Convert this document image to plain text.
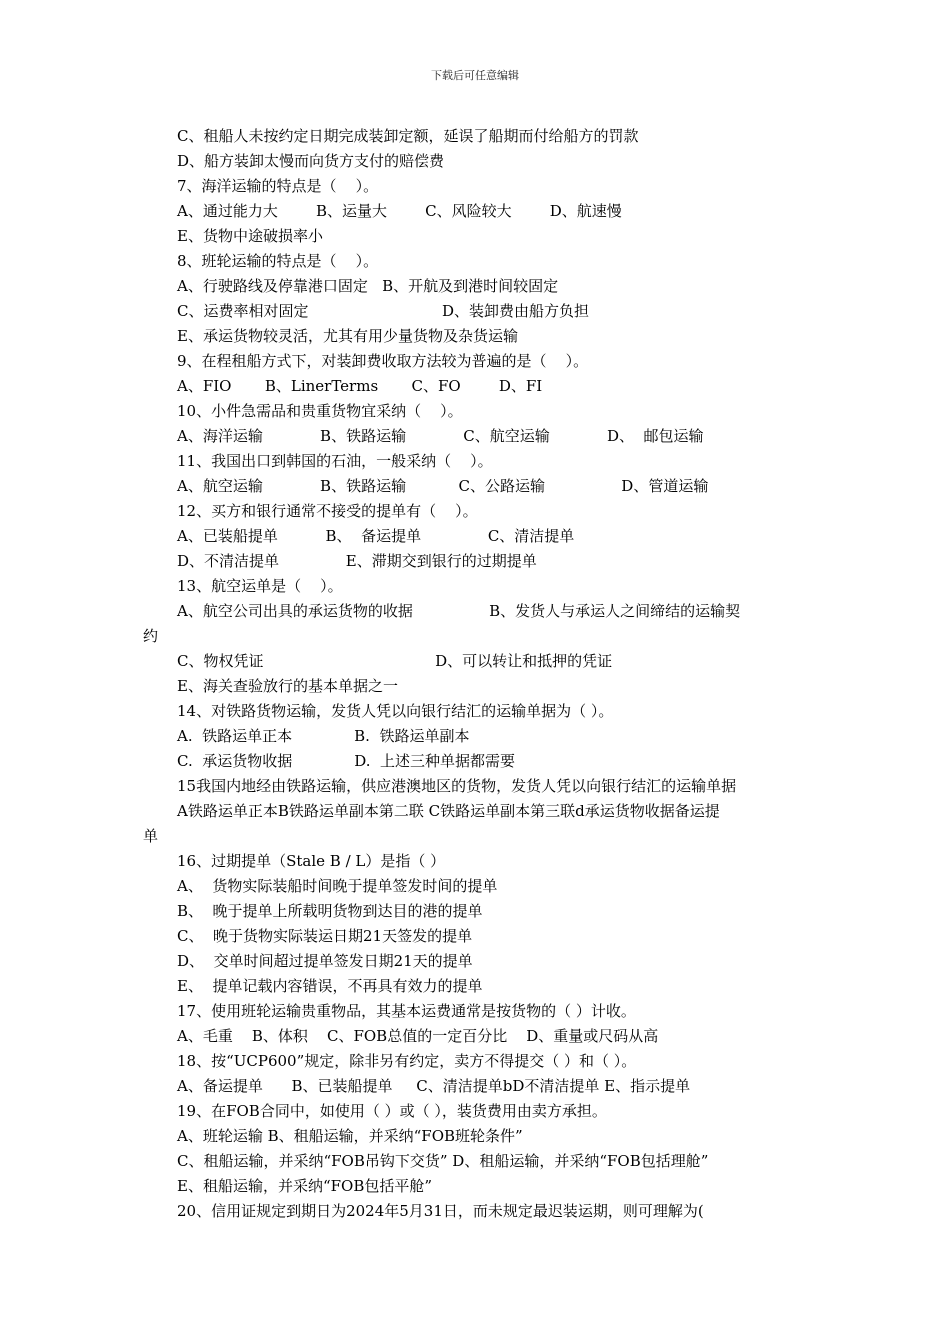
下载后可任意编辑
C、租船人未按约定日期完成装卸定额，延误了船期而付给船方的罚款
D、船方装卸太慢而向货方支付的赔偿费
7、海洋运输的特点是（    ）。
A、通过能力大        B、运量大        C、风险较大        D、航速慢
E、货物中途破损率小
8、班轮运输的特点是（    ）。
A、行驶路线及停靠港口固定   B、开航及到港时间较固定
C、运费率相对固定                            D、装卸费由船方负担
E、承运货物较灵活，尤其有用少量货物及杂货运输
9、在程租船方式下，对装卸费收取方法较为普遍的是（    ）。
A、FIO       B、LinerTerms       C、FO        D、FI
10、小件急需品和贵重货物宜采纳（    ）。
A、海洋运输            B、铁路运输            C、航空运输            D、  邮包运输
11、我国出口到韩国的石油，一般采纳（    ）。
A、航空运输            B、铁路运输           C、公路运输                D、管道运输
12、买方和银行通常不接受的提单有（    ）。
A、已装船提单          B、  备运提单              C、清洁提单
D、不清洁提单              E、滞期交到银行的过期提单
13、航空运单是（    ）。
A、航空公司出具的承运货物的收据                B、发货人与承运人之间缔结的运输契
约
C、物权凭证                                    D、可以转让和抵押的凭证
E、海关查验放行的基本单据之一
14、对铁路货物运输，发货人凭以向银行结汇的运输单据为（ ）。
A.  铁路运单正本             B.  铁路运单副本
C.  承运货物收据             D.  上述三种单据都需要
15我国内地经由铁路运输，供应港澳地区的货物，发货人凭以向银行结汇的运输单据
A铁路运单正本B铁路运单副本第二联 C铁路运单副本第三联d承运货物收据备运提
单
16、过期提单（Stale B / L）是指（ ）
A、  货物实际装船时间晚于提单签发时间的提单
B、  晚于提单上所载明货物到达目的港的提单
C、  晚于货物实际装运日期21天签发的提单
D、  交单时间超过提单签发日期21天的提单
E、  提单记载内容错误，不再具有效力的提单
17、使用班轮运输贵重物品，其基本运费通常是按货物的（ ）计收。
A、毛重    B、体积    C、FOB总值的一定百分比    D、重量或尺码从高
18、按“UCP600”规定，除非另有约定，卖方不得提交（ ）和（ ）。
A、备运提单      B、已装船提单     C、清洁提单bD不清洁提单 E、指示提单
19、在FOB合同中，如使用（ ）或（ ），装货费用由卖方承担。
A、班轮运输 B、租船运输，并采纳“FOB班轮条件”
C、租船运输，并采纳“FOB吊钩下交货” D、租船运输，并采纳“FOB包括理舱”
E、租船运输，并采纳“FOB包括平舱”
20、信用证规定到期日为2024年5月31日，而未规定最迟装运期，则可理解为(
